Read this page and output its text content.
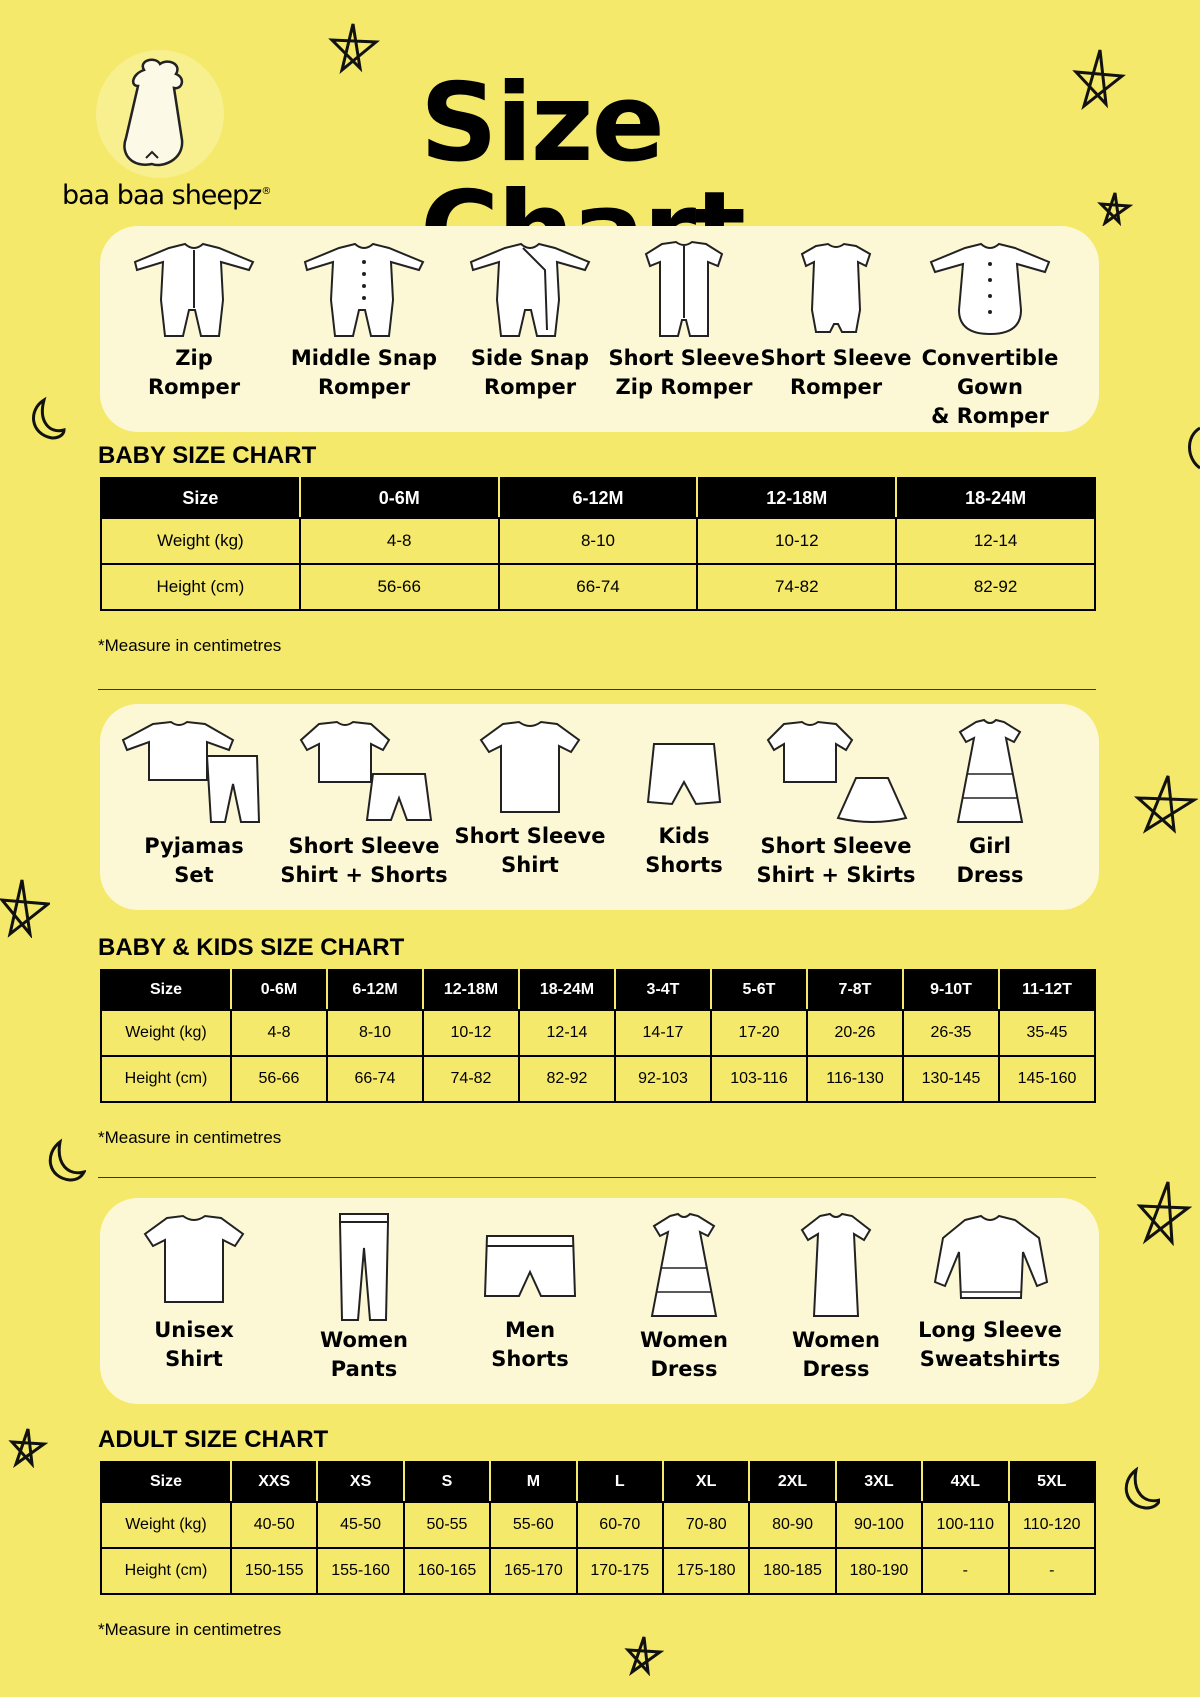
baa baa sheepz®
Size
Zip
Romper
Middle Snap
Romper
Side Snap
Romper
Short Sleeve
Zip Romper
Short Sleeve
Romper
Convertible Gown
& Romper
BABY SIZE CHART
Size	0-6M	6-12M	12-18M	18-24M
Weight (kg)	4-8	8-10	10-12	12-14
Height (cm)	56-66	66-74	74-82	82-92
*Measure in centimetres
Pyjamas
Set
Short Sleeve
Shirt + Shorts
Short Sleeve
Shirt
Kids
Shorts
Short Sleeve
Shirt + Skirts
Girl
Dress
BABY & KIDS SIZE CHART
Size	0-6M	6-12M	12-18M	18-24M	3-4T	5-6T	7-8T	9-10T	11-12T
Weight (kg)	4-8	8-10	10-12	12-14	14-17	17-20	20-26	26-35	35-45
Height (cm)	56-66	66-74	74-82	82-92	92-103	103-116	116-130	130-145	145-160
*Measure in centimetres
Unisex
Shirt
Women
Pants
Men
Shorts
Women
Dress
Women
Dress
Long Sleeve
Sweatshirts
ADULT SIZE CHART
Size	XXS	XS	S	M	L	XL	2XL	3XL	4XL	5XL
Weight (kg)	40-50	45-50	50-55	55-60	60-70	70-80	80-90	90-100	100-110	110-120
Height (cm)	150-155	155-160	160-165	165-170	170-175	175-180	180-185	180-190	-	-
*Measure in centimetres
